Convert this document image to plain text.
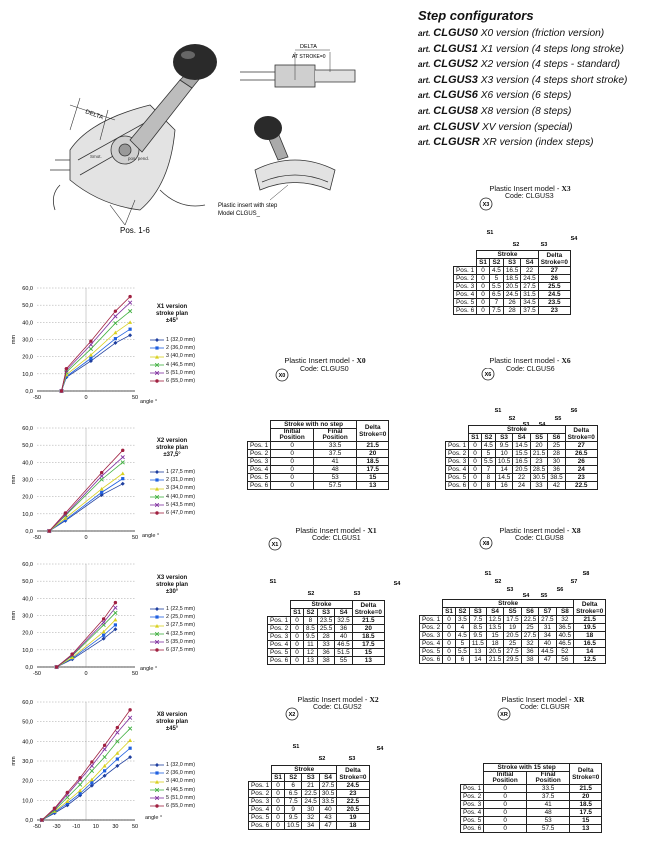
Step configurators
art. CLGUS0 X0 version (friction version)
art. CLGUS1 X1 version (4 steps long stroke)
art. CLGUS2 X2 version (4 steps - standard)
art. CLGUS3 X3 version (4 steps short stroke)
art. CLGUS6 X6 version (6 steps)
art. CLGUS8 X8 version (8 steps)
art. CLGUSV XV version (special)
art. CLGUSR XR version (index steps)
DELTA
Smot.	pos. pend.
Pos. 1-6
DELTA
AT STROKE=0
Plastic insert with step
Model CLGUS_
Plastic Insert model - X3
Code: CLGUS3
X3
S1
S2	S3
S4
	Stroke				Delta
Stroke=0

	S1	S2	S3	S4	
Pos. 1	0	4.5	16.5	22	27
Pos. 2	0	5	18.5	24.5	26
Pos. 3	0	5.5	20.5	27.5	25.5
Pos. 4	0	6.5	24.5	31.5	24.5
Pos. 5	0	7	26	34.5	23.5
Pos. 6	0	7.5	28	37.5	23
Plastic Insert model - X0
Code: CLGUS0
X0
	Stroke with no step		Delta
Stroke=0

	Initial Position	Final Position	
Pos. 1	0	33.5	21.5
Pos. 2	0	37.5	20
Pos. 3	0	41	18.5
Pos. 4	0	48	17.5
Pos. 5	0	53	15
Pos. 6	0	57.5	13
Plastic Insert model - X6
Code: CLGUS6
X6
S1
S2
S3 S4
S5
S6
	Stroke						Delta
Stroke=0

	S1	S2	S3	S4	S5	S6	
Pos. 1	0	4.5	9.5	14.5	20	25	27
Pos. 2	0	5	10	15.5	21.5	28	26.5
Pos. 3	0	5.5	10.5	16.5	23	30	26
Pos. 4	0	7	14	20.5	28.5	36	24
Pos. 5	0	8	14.5	22	30.5	38.5	23
Pos. 6	0	8	16	24	33	42	22.5
Plastic Insert model - X1
Code: CLGUS1
X1
S1
S2	S3
S4
	Stroke				Delta
Stroke=0

	S1	S2	S3	S4	
Pos. 1	0	8	23.5	32.5	21.5
Pos. 2	0	8.5	25.5	36	20
Pos. 3	0	9.5	28	40	18.5
Pos. 4	0	11	33	46.5	17.5
Pos. 5	0	12	36	51.5	15
Pos. 6	0	13	38	55	13
Plastic Insert model - X8
Code: CLGUS8
X8
S1
S2
S3
S4 S5
S6
S7
S8
	Stroke								Delta
Stroke=0

	S1	S2	S3	S4	S5	S6	S7	S8	
Pos. 1	0	3.5	7.5	12.5	17.5	22.5	27.5	32	21.5
Pos. 2	0	4	8.5	13.5	19	25	31	36.5	19.5
Pos. 3	0	4.5	9.5	15	20.5	27.5	34	40.5	18
Pos. 4	0	5	11.5	18	25	32	40	46.5	16.5
Pos. 5	0	5.5	13	20.5	27.5	36	44.5	52	14
Pos. 6	0	6	14	21.5	29.5	38	47	56	12.5
Plastic Insert model - X2
Code: CLGUS2
X2
S1
S2	S3
S4
	Stroke				Delta
Stroke=0

	S1	S2	S3	S4	
Pos. 1	0	6	21	27.5	24.5
Pos. 2	0	6.5	22.5	30.5	23
Pos. 3	0	7.5	24.5	33.5	22.5
Pos. 4	0	9	30	40	20.5
Pos. 5	0	9.5	32	43	19
Pos. 6	0	10.5	34	47	18
Plastic Insert model - XR
Code: CLGUSR
XR
	Stroke with 15 step		Delta
Stroke=0

	Initial Position	Final Position	
Pos. 1	0	33.5	21.5
Pos. 2	0	37.5	20
Pos. 3	0	41	18.5
Pos. 4	0	48	17.5
Pos. 5	0	53	15
Pos. 6	0	57.5	13
0,0
10,0
20,0
30,0
40,0
50,0
60,0
-50	0	50
mm
X1 version
stroke plan
±45°
1 (32,0 mm)
2 (36,0 mm)
3 (40,0 mm)
4 (46,5 mm)
5 (51,0 mm)
6 (55,0 mm)
angle °
0,0
10,0
20,0
30,0
40,0
50,0
60,0
-50	0	50
mm
X2 version
stroke plan
±37,5°
1 (27,5 mm)
2 (31,0 mm)
3 (34,0 mm)
4 (40,0 mm)
5 (43,5 mm)
6 (47,0 mm)
angle °
0,0
10,0
20,0
30,0
40,0
50,0
60,0
-50	0	50
mm
X3 version
stroke plan
±30°
1 (22,5 mm)
2 (25,0 mm)
3 (27,5 mm)
4 (32,5 mm)
5 (35,0 mm)
6 (37,5 mm)
angle °
0,0
10,0
20,0
30,0
40,0
50,0
60,0
-50 -30 -10 10 30 50
mm
X8 version
stroke plan
±45°
1 (32,0 mm)
2 (36,0 mm)
3 (40,0 mm)
4 (46,5 mm)
5 (51,0 mm)
6 (55,0 mm)
angle °
